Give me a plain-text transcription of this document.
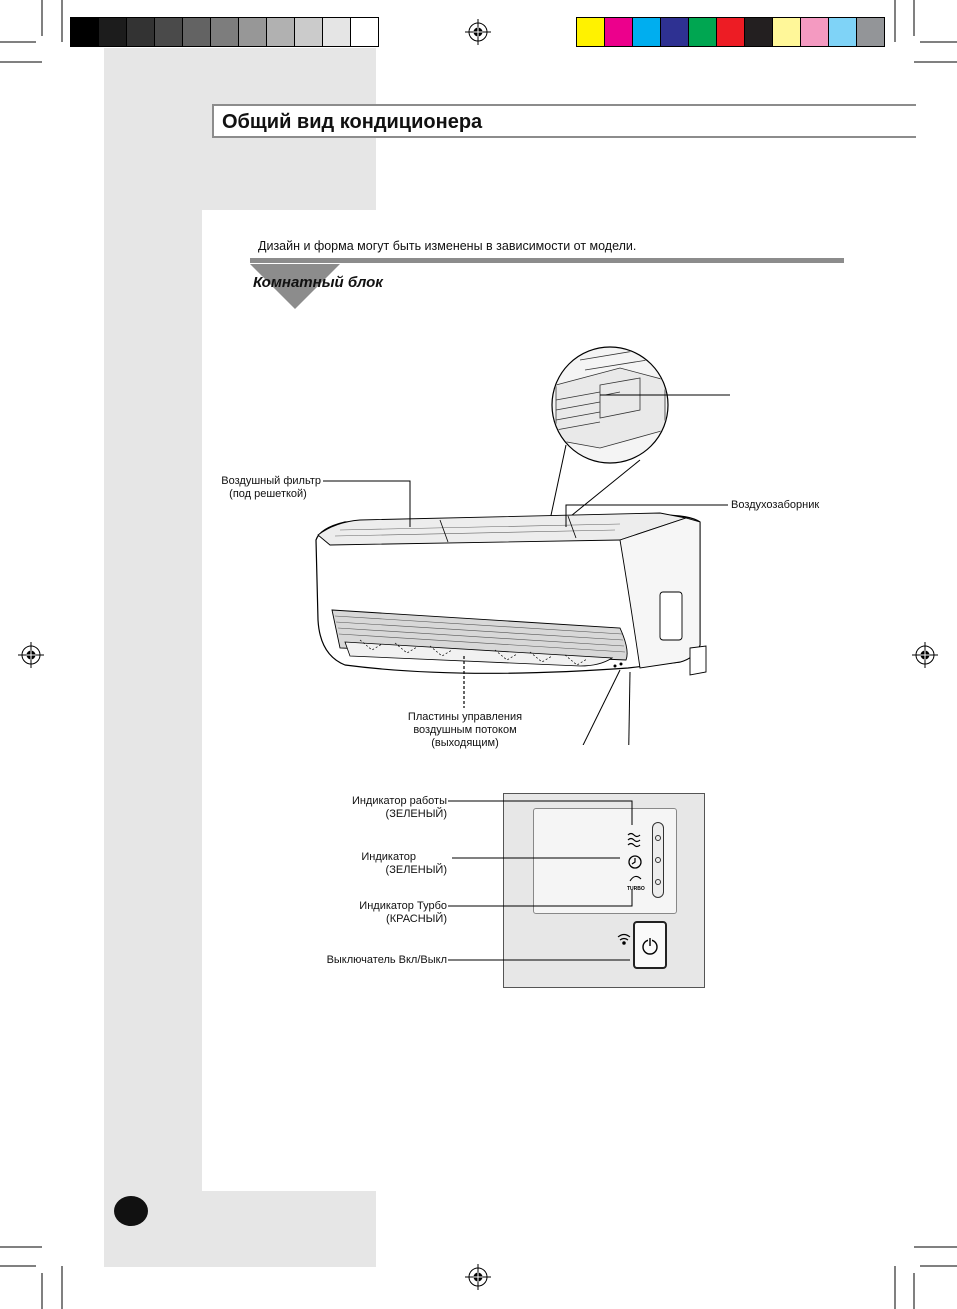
Общий вид кондиционера
Дизайн и форма могут быть изменены в зависимости от модели.
Комнатный блок
Воздушный фильтр
(под решеткой)
Воздухозаборник
Пластины управления
воздушным потоком
(выходящим)
TURBO
Индикатор работы
(ЗЕЛЕНЫЙ)
Индикатор
(ЗЕЛЕНЫЙ)
Индикатор Турбо
(КРАСНЫЙ)
Выключатель Вкл/Выкл
